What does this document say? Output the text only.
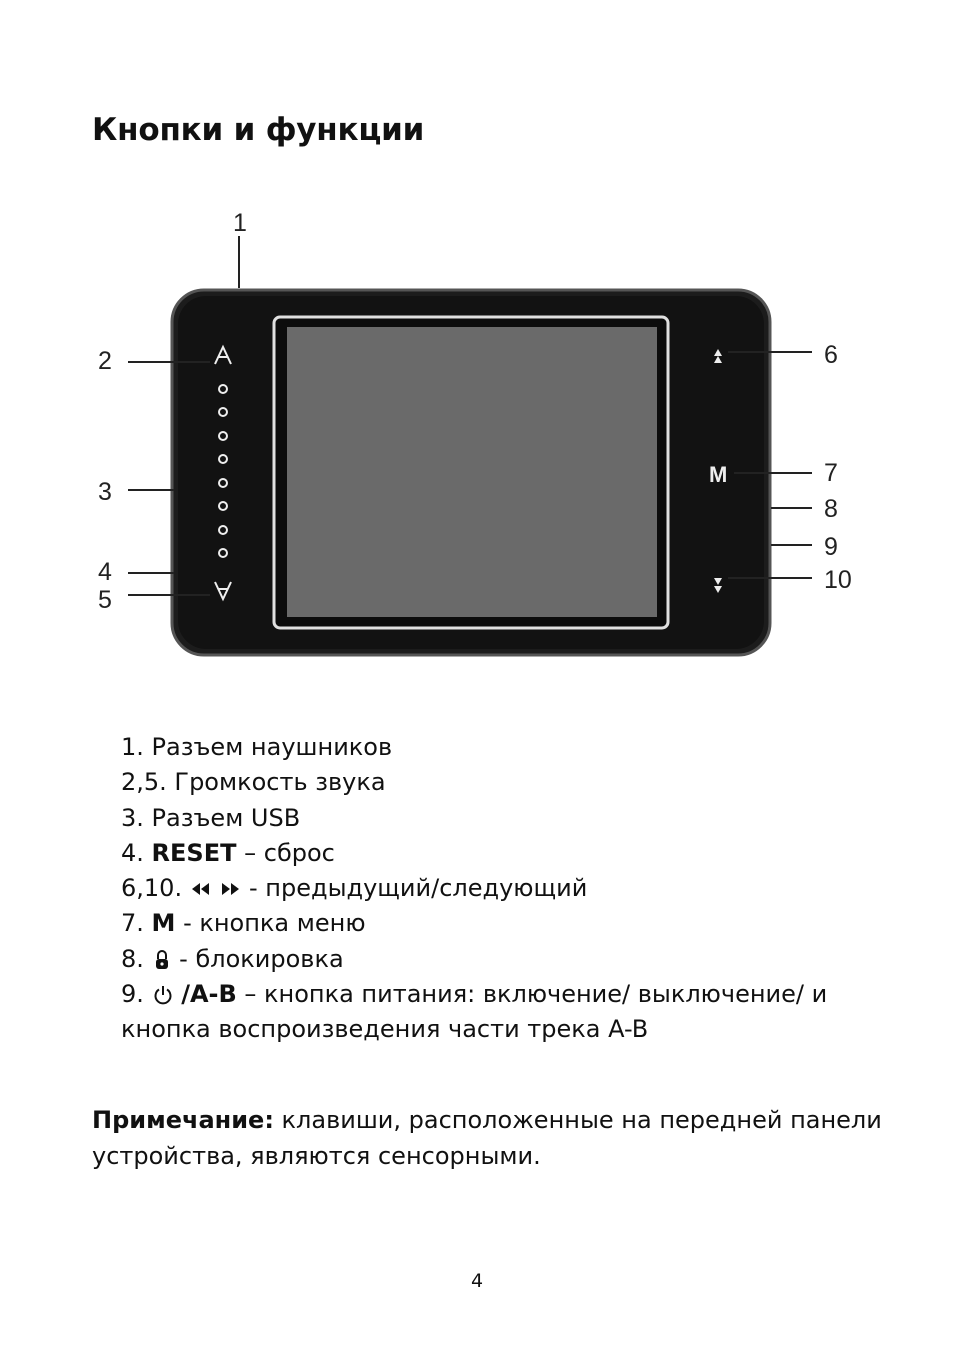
Кнопки и функции
M
1
2
3
4
5
6
7
8
9
10
1. Разъем наушников
2,5. Громкость звука
3. Разъем USB
4. RESET – сброс
6,10.   - предыдущий/следующий
7. M - кнопка меню
8.  - блокировка
9. /A-B – кнопка питания: включение/ выключение/ и
кнопка воспроизведения части трека A-B
Примечание: клавиши, расположенные на передней панели устройства, являются сенсорными.
4
